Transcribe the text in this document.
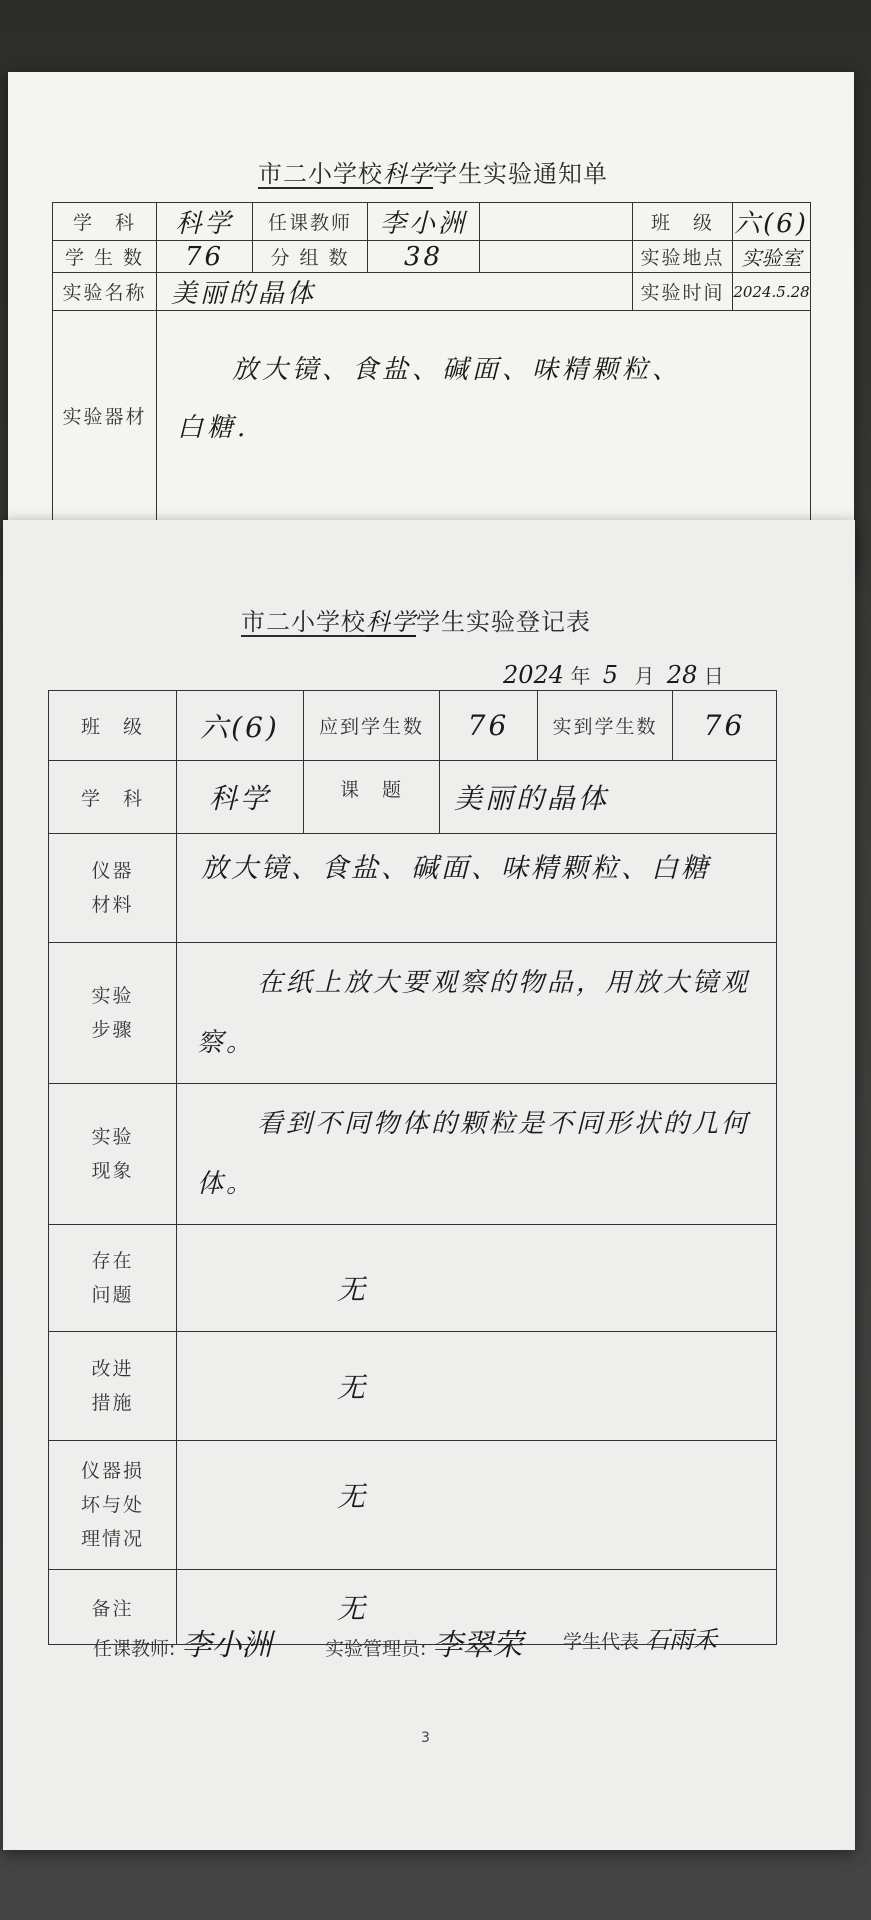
市二小学校科学学生实验通知单
学　科	科学	任课教师	李小洲		班　级	六(6)
学 生 数	76	分 组 数	38		实验地点	实验室
实验名称	美丽的晶体				实验时间	2024.5.28
实验器材	放大镜、食盐、碱面、味精颗粒、
白糖.					
市二小学校科学学生实验登记表
2024 年 5 月 28 日
班　级	六(6)	应到学生数	76	实到学生数	76
学　科	科学	课　题	美丽的晶体		
仪器
材料	放大镜、食盐、碱面、味精颗粒、白糖				
实验
步骤	在纸上放大要观察的物品，用放大镜观察。				
实验
现象	看到不同物体的颗粒是不同形状的几何体。				
存在
问题	无				
改进
措施	无				
仪器损
坏与处
理情况	无				
备注	无				
任课教师: 李小洲	实验管理员: 李翠荣 学生代表 石雨禾
3
